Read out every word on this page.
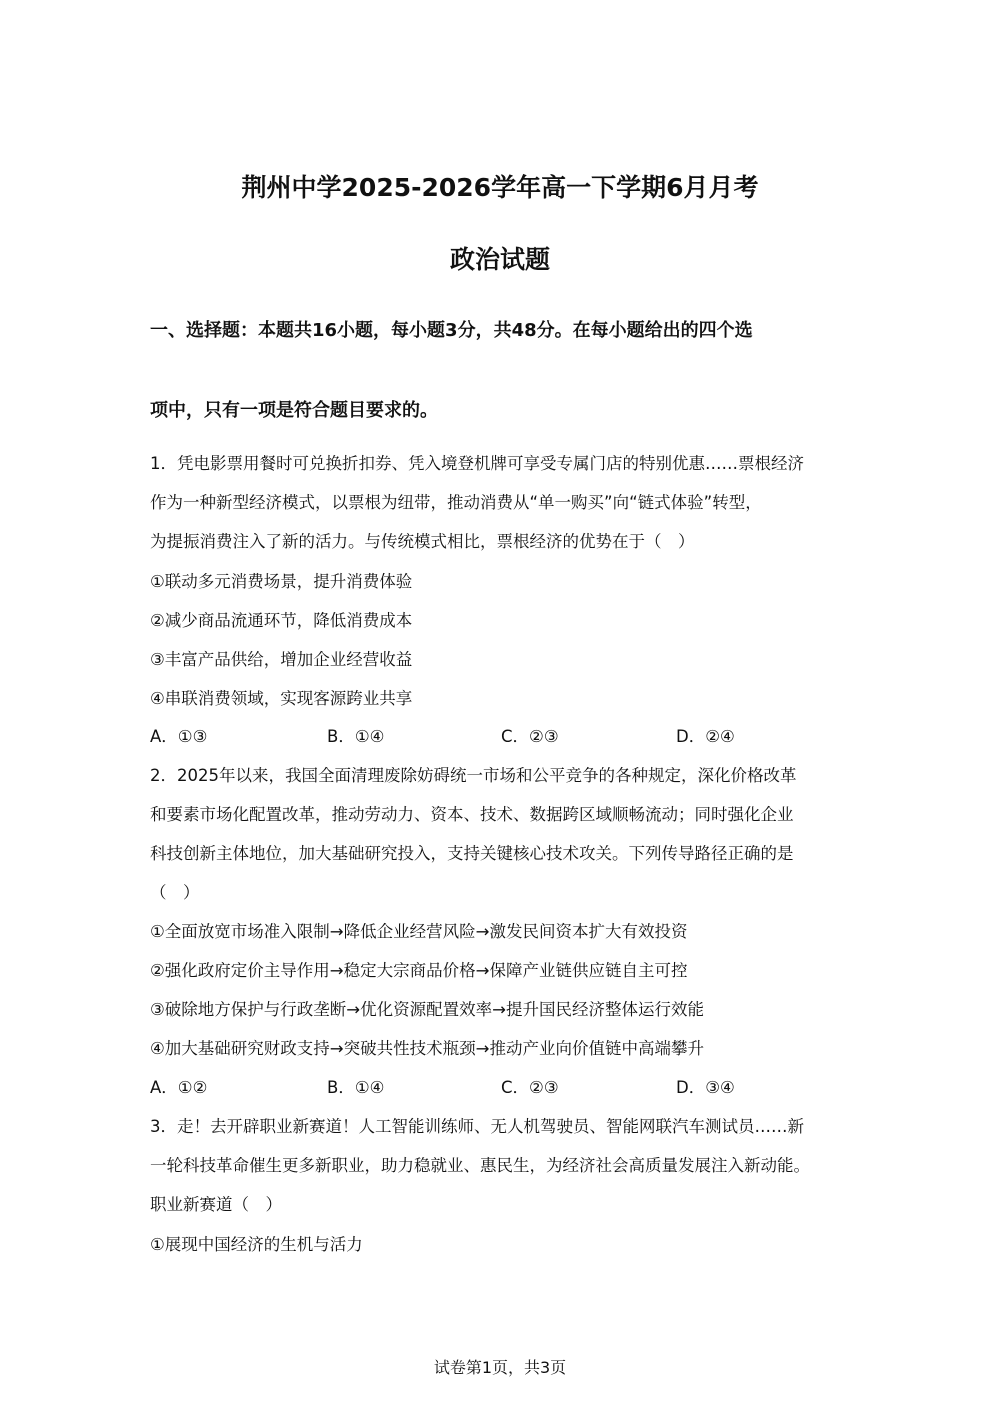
荆州中学2025-2026学年高一下学期6月月考
政治试题
一、选择题：本题共16小题，每小题3分，共48分。在每小题给出的四个选
项中，只有一项是符合题目要求的。
1．凭电影票用餐时可兑换折扣券、凭入境登机牌可享受专属门店的特别优惠……票根经济
作为一种新型经济模式，以票根为纽带，推动消费从“单一购买”向“链式体验”转型，
为提振消费注入了新的活力。与传统模式相比，票根经济的优势在于（　）
①联动多元消费场景，提升消费体验
②减少商品流通环节，降低消费成本
③丰富产品供给，增加企业经营收益
④串联消费领域，实现客源跨业共享
A．①③	B．①④	C．②③	D．②④
2．2025年以来，我国全面清理废除妨碍统一市场和公平竞争的各种规定，深化价格改革
和要素市场化配置改革，推动劳动力、资本、技术、数据跨区域顺畅流动；同时强化企业
科技创新主体地位，加大基础研究投入，支持关键核心技术攻关。下列传导路径正确的是
（　）
①全面放宽市场准入限制→降低企业经营风险→激发民间资本扩大有效投资
②强化政府定价主导作用→稳定大宗商品价格→保障产业链供应链自主可控
③破除地方保护与行政垄断→优化资源配置效率→提升国民经济整体运行效能
④加大基础研究财政支持→突破共性技术瓶颈→推动产业向价值链中高端攀升
A．①②	B．①④	C．②③	D．③④
3．走！去开辟职业新赛道！人工智能训练师、无人机驾驶员、智能网联汽车测试员……新
一轮科技革命催生更多新职业，助力稳就业、惠民生，为经济社会高质量发展注入新动能。
职业新赛道（　）
①展现中国经济的生机与活力
试卷第1页，共3页
